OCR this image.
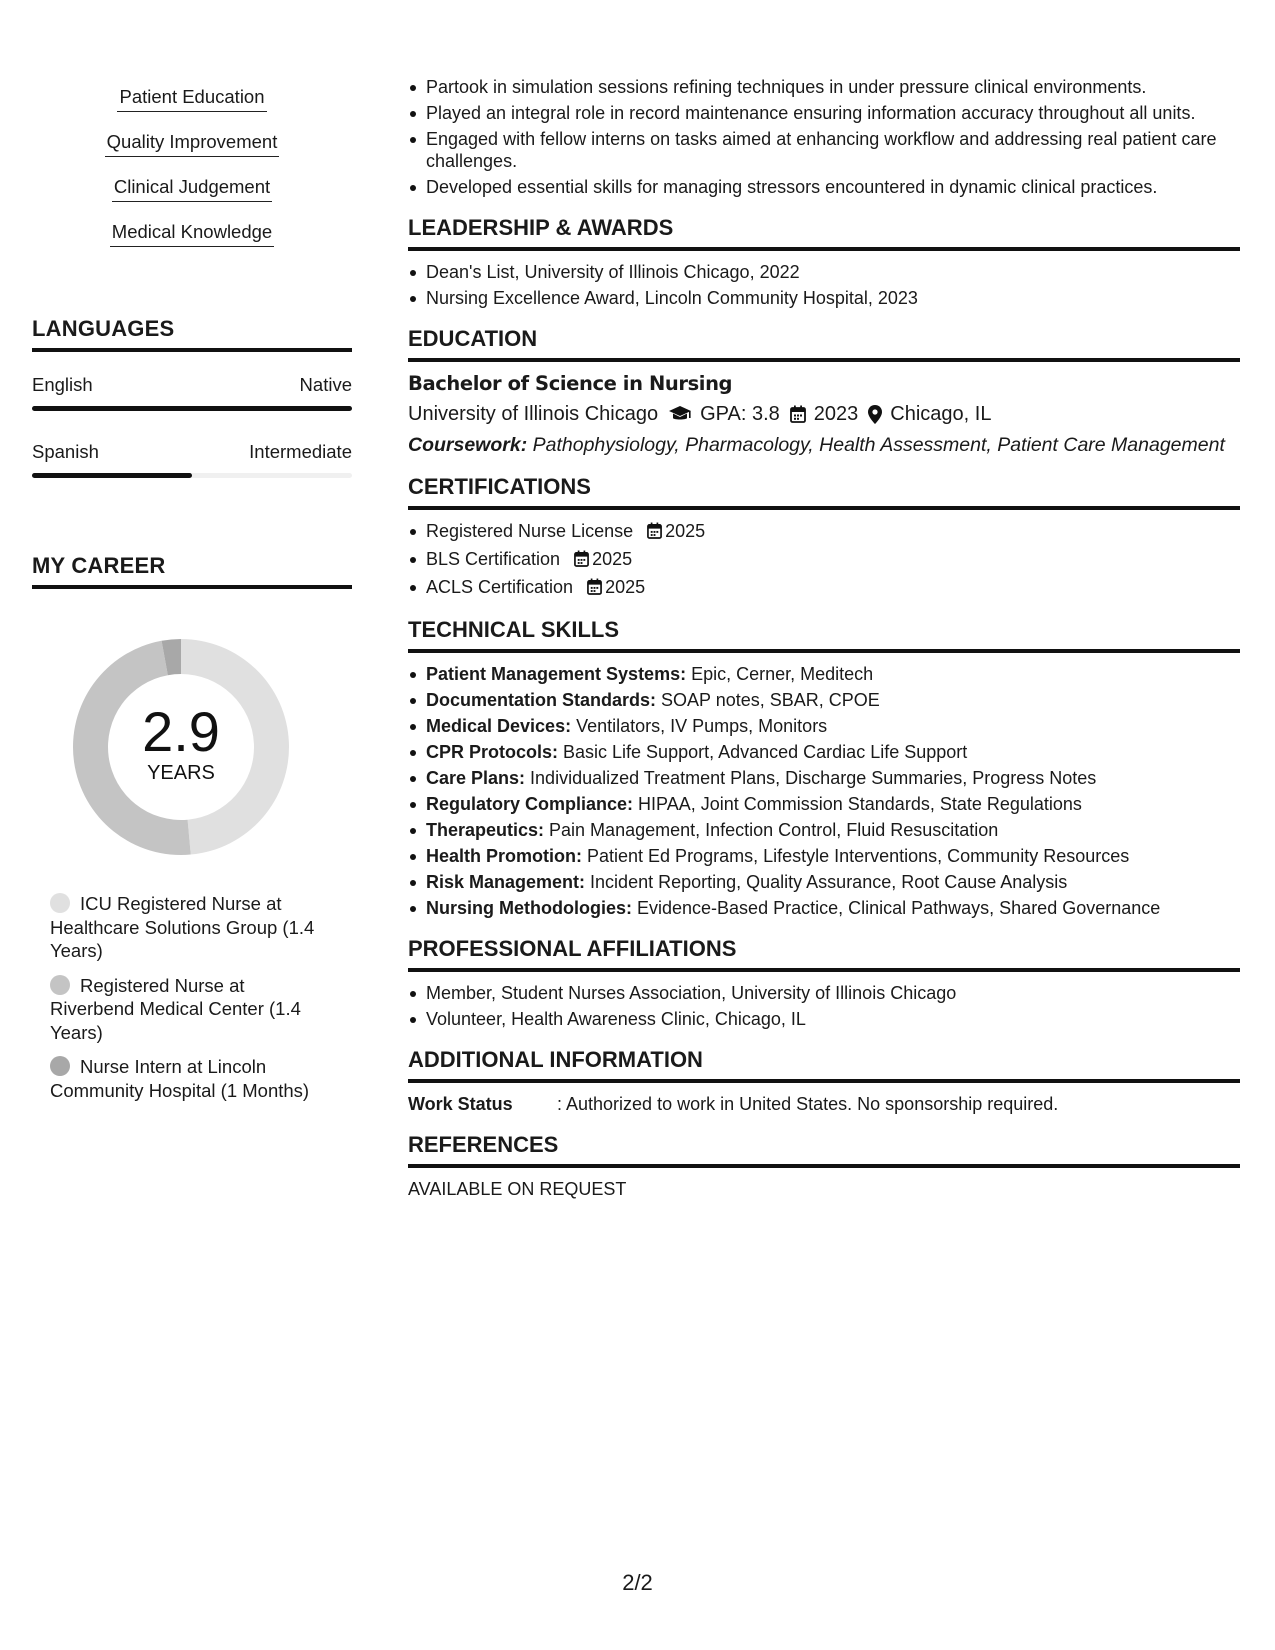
Patient Education
Quality Improvement
Clinical Judgement
Medical Knowledge
LANGUAGES
English	Native
Spanish	Intermediate
MY CAREER
2.9
YEARS
ICU Registered Nurse at Healthcare Solutions Group (1.4 Years)
Registered Nurse at Riverbend Medical Center (1.4 Years)
Nurse Intern at Lincoln Community Hospital (1 Months)
Partook in simulation sessions refining techniques in under pressure clinical environments.
Played an integral role in record maintenance ensuring information accuracy throughout all units.
Engaged with fellow interns on tasks aimed at enhancing workflow and addressing real patient care challenges.
Developed essential skills for managing stressors encountered in dynamic clinical practices.
LEADERSHIP & AWARDS
Dean's List, University of Illinois Chicago, 2022
Nursing Excellence Award, Lincoln Community Hospital, 2023
EDUCATION
Bachelor of Science in Nursing
University of Illinois Chicago GPA: 3.8 2023 Chicago, IL
Coursework: Pathophysiology, Pharmacology, Health Assessment, Patient Care Management
CERTIFICATIONS
Registered Nurse License 2025
BLS Certification 2025
ACLS Certification 2025
TECHNICAL SKILLS
Patient Management Systems: Epic, Cerner, Meditech
Documentation Standards: SOAP notes, SBAR, CPOE
Medical Devices: Ventilators, IV Pumps, Monitors
CPR Protocols: Basic Life Support, Advanced Cardiac Life Support
Care Plans: Individualized Treatment Plans, Discharge Summaries, Progress Notes
Regulatory Compliance: HIPAA, Joint Commission Standards, State Regulations
Therapeutics: Pain Management, Infection Control, Fluid Resuscitation
Health Promotion: Patient Ed Programs, Lifestyle Interventions, Community Resources
Risk Management: Incident Reporting, Quality Assurance, Root Cause Analysis
Nursing Methodologies: Evidence-Based Practice, Clinical Pathways, Shared Governance
PROFESSIONAL AFFILIATIONS
Member, Student Nurses Association, University of Illinois Chicago
Volunteer, Health Awareness Clinic, Chicago, IL
ADDITIONAL INFORMATION
Work Status	: Authorized to work in United States. No sponsorship required.
REFERENCES
AVAILABLE ON REQUEST
2/2
